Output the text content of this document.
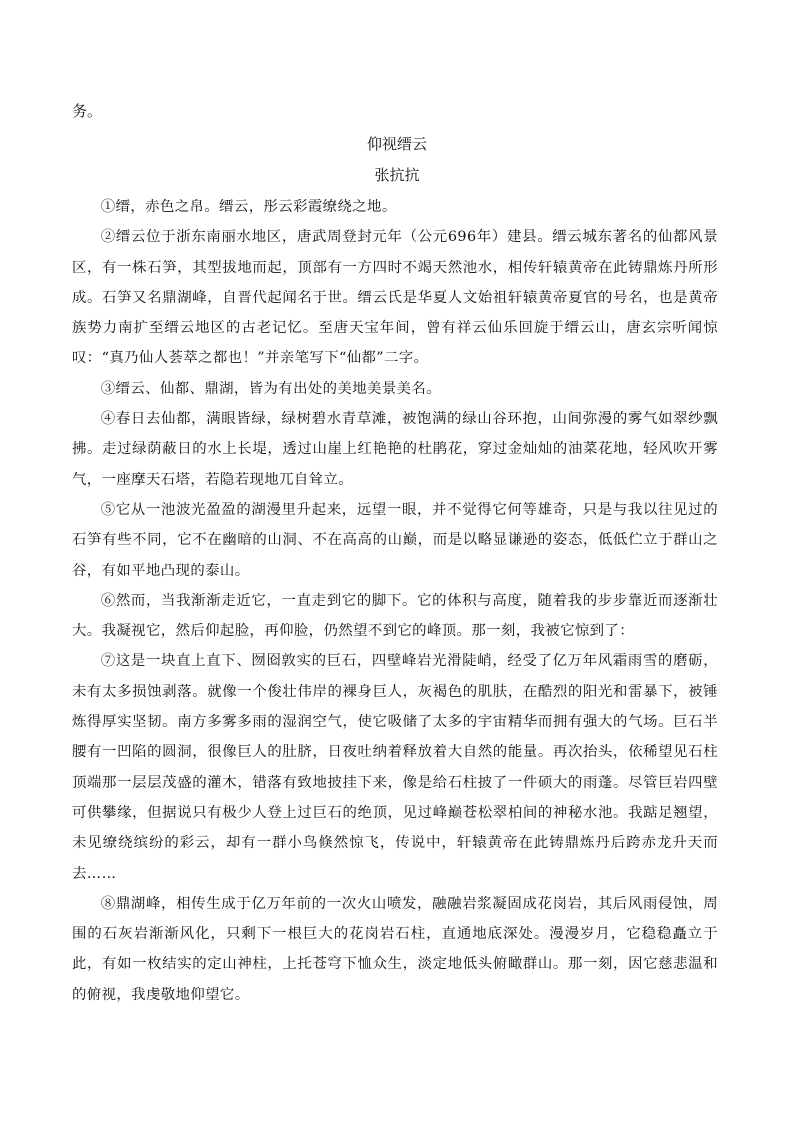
务。

仰视缙云

张抗抗

①缙，赤色之帛。缙云，彤云彩霞缭绕之地。

②缙云位于浙东南丽水地区，唐武周登封元年（公元696年）建县。缙云城东著名的仙都风景区，有一株石笋，其型拔地而起，顶部有一方四时不竭天然池水，相传轩辕黄帝在此铸鼎炼丹所形成。石笋又名鼎湖峰，自晋代起闻名于世。缙云氏是华夏人文始祖轩辕黄帝夏官的号名，也是黄帝族势力南扩至缙云地区的古老记忆。至唐天宝年间，曾有祥云仙乐回旋于缙云山，唐玄宗听闻惊叹：“真乃仙人荟萃之都也！”并亲笔写下“仙都”二字。

③缙云、仙都、鼎湖，皆为有出处的美地美景美名。

④春日去仙都，满眼皆绿，绿树碧水青草滩，被饱满的绿山谷环抱，山间弥漫的雾气如翠纱飘拂。走过绿荫蔽日的水上长堤，透过山崖上红艳艳的杜鹃花，穿过金灿灿的油菜花地，轻风吹开雾气，一座摩天石塔，若隐若现地兀自耸立。

⑤它从一池波光盈盈的湖漫里升起来，远望一眼，并不觉得它何等雄奇，只是与我以往见过的石笋有些不同，它不在幽暗的山洞、不在高高的山巅，而是以略显谦逊的姿态，低低伫立于群山之谷，有如平地凸现的泰山。

⑥然而，当我渐渐走近它，一直走到它的脚下。它的体积与高度，随着我的步步靠近而逐渐壮大。我凝视它，然后仰起脸，再仰脸，仍然望不到它的峰顶。那一刻，我被它惊到了：

⑦这是一块直上直下、囫囵敦实的巨石，四壁峰岩光滑陡峭，经受了亿万年风霜雨雪的磨砺，未有太多损蚀剥落。就像一个俊壮伟岸的裸身巨人，灰褐色的肌肤，在酷烈的阳光和雷暴下，被锤炼得厚实坚韧。南方多雾多雨的湿润空气，使它吸储了太多的宇宙精华而拥有强大的气场。巨石半腰有一凹陷的圆洞，很像巨人的肚脐，日夜吐纳着释放着大自然的能量。再次抬头，依稀望见石柱顶端那一层层茂盛的灌木，错落有致地披挂下来，像是给石柱披了一件硕大的雨蓬。尽管巨岩四壁可供攀缘，但据说只有极少人登上过巨石的绝顶，见过峰巅苍松翠柏间的神秘水池。我踮足翘望，未见缭绕缤纷的彩云，却有一群小鸟倏然惊飞，传说中，轩辕黄帝在此铸鼎炼丹后跨赤龙升天而去……

⑧鼎湖峰，相传生成于亿万年前的一次火山喷发，融融岩浆凝固成花岗岩，其后风雨侵蚀，周围的石灰岩渐渐风化，只剩下一根巨大的花岗岩石柱，直通地底深处。漫漫岁月，它稳稳矗立于此，有如一枚结实的定山神柱，上托苍穹下恤众生，淡定地低头俯瞰群山。那一刻，因它慈悲温和的俯视，我虔敬地仰望它。
